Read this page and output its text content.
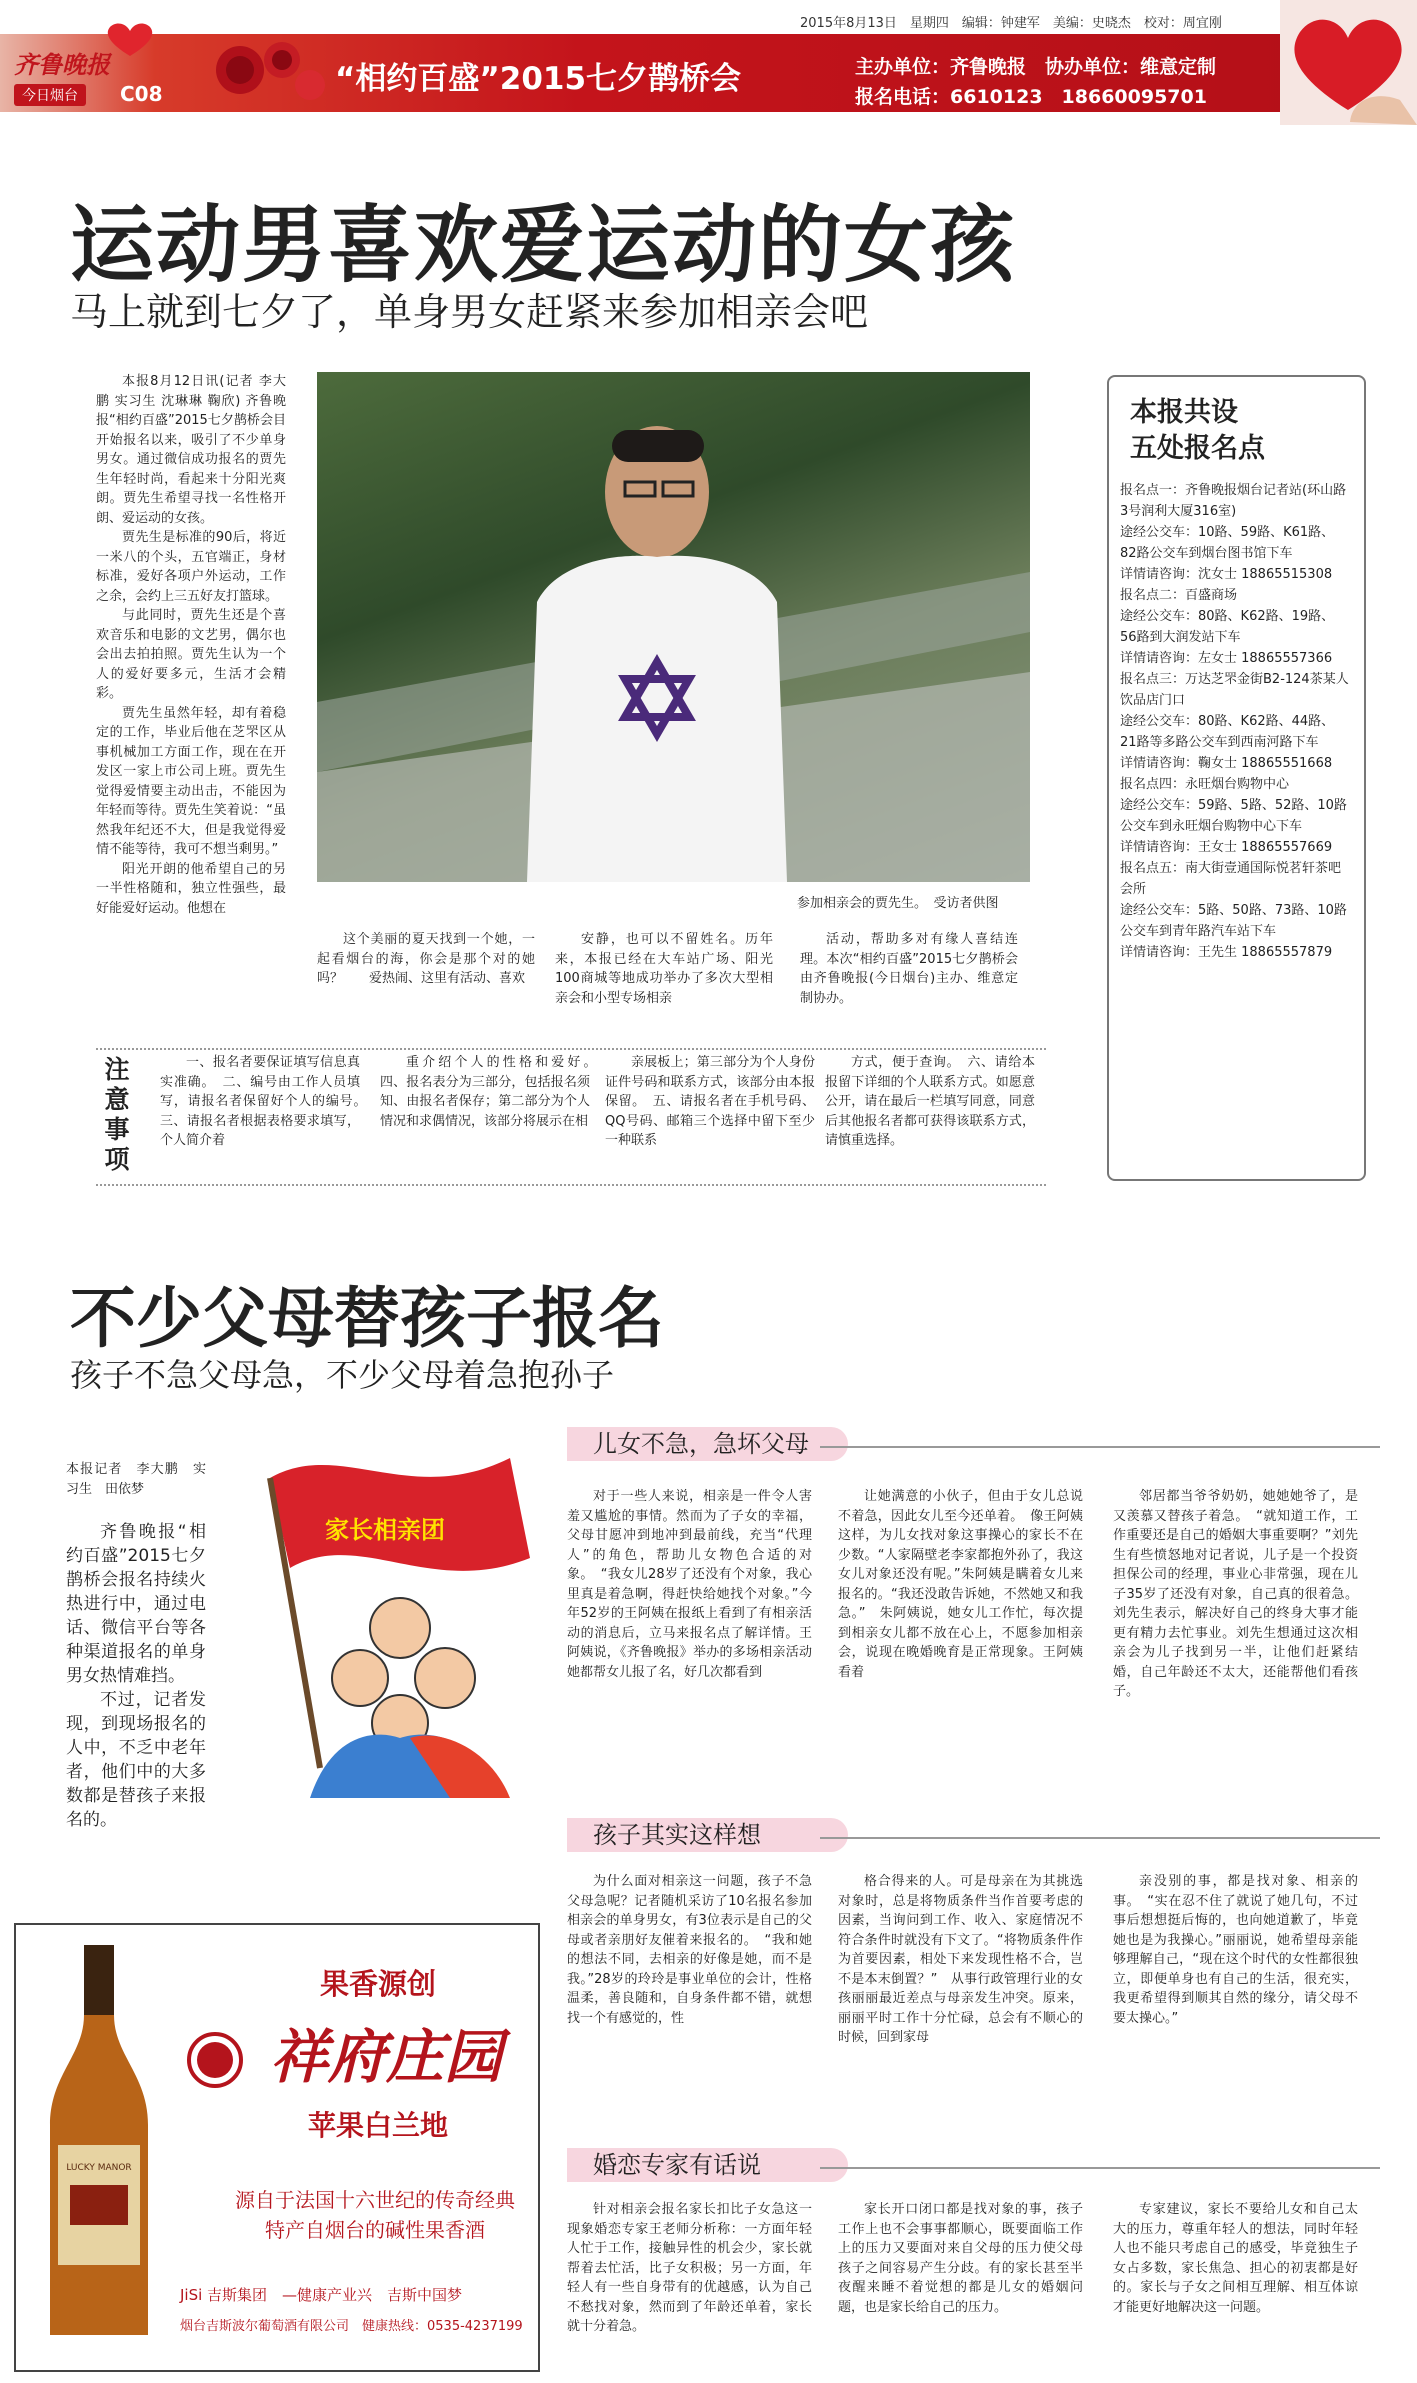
2015年8月13日　星期四　编辑：钟建军　美编：史晓杰　校对：周宜刚
齐鲁晚报
今日烟台	C08	“相约百盛”2015七夕鹊桥会	主办单位：齐鲁晚报　协办单位：维意定制
报名电话：6610123　18660095701
运动男喜欢爱运动的女孩
马上就到七夕了，单身男女赶紧来参加相亲会吧

本报8月12日讯(记者 李大鹏 实习生 沈琳琳 鞠欣) 齐鲁晚报“相约百盛”2015七夕鹊桥会目开始报名以来，吸引了不少单身男女。通过微信成功报名的贾先生年轻时尚，看起来十分阳光爽朗。贾先生希望寻找一名性格开朗、爱运动的女孩。

贾先生是标准的90后，将近一米八的个头，五官端正，身材标准，爱好各项户外运动，工作之余，会约上三五好友打篮球。

与此同时，贾先生还是个喜欢音乐和电影的文艺男，偶尔也会出去拍拍照。贾先生认为一个人的爱好要多元，生活才会精彩。

贾先生虽然年轻，却有着稳定的工作，毕业后他在芝罘区从事机械加工方面工作，现在在开发区一家上市公司上班。贾先生觉得爱情要主动出击，不能因为年轻而等待。贾先生笑着说：“虽然我年纪还不大，但是我觉得爱情不能等待，我可不想当剩男。”

阳光开朗的他希望自己的另一半性格随和，独立性强些，最好能爱好运动。他想在	参加相亲会的贾先生。　受访者供图

这个美丽的夏天找到一个她，一起看烟台的海，你会是那个对的她吗？　　爱热闹、这里有活动、喜欢

安静，也可以不留姓名。历年来，本报已经在大车站广场、阳光100商城等地成功举办了多次大型相亲会和小型专场相亲

活动，帮助多对有缘人喜结连理。本次“相约百盛”2015七夕鹊桥会由齐鲁晚报(今日烟台)主办、维意定制协办。

注意事项

一、报名者要保证填写信息真实准确。　二、编号由工作人员填写，请报名者保留好个人的编号。　三、请报名者根据表格要求填写，个人简介着

重介绍个人的性格和爱好。　四、报名表分为三部分，包括报名须知、由报名者保存；第二部分为个人情况和求偶情况，该部分将展示在相

亲展板上；第三部分为个人身份证件号码和联系方式，该部分由本报保留。　五、请报名者在手机号码、QQ号码、邮箱三个选择中留下至少一种联系

方式，便于查询。　六、请给本报留下详细的个人联系方式。如愿意公开，请在最后一栏填写同意，同意后其他报名者都可获得该联系方式，请慎重选择。

本报共设
五处报名点

报名点一：齐鲁晚报烟台记者站(环山路3号润利大厦316室)

途经公交车：10路、59路、K61路、82路公交车到烟台图书馆下车

详情请咨询：沈女士 18865515308

报名点二：百盛商场

途经公交车：80路、K62路、19路、56路到大润发站下车

详情请咨询：左女士 18865557366

报名点三：万达芝罘金街B2-124茶某人饮品店门口

途经公交车：80路、K62路、44路、21路等多路公交车到西南河路下车

详情请咨询：鞠女士 18865551668

报名点四：永旺烟台购物中心

途经公交车：59路、5路、52路、10路公交车到永旺烟台购物中心下车

详情请咨询：王女士 18865557669

报名点五：南大街壹通国际悦茗轩茶吧会所

途经公交车：5路、50路、73路、10路公交车到青年路汽车站下车

详情请咨询：王先生 18865557879

不少父母替孩子报名
孩子不急父母急，不少父母着急抱孙子
本报记者　李大鹏　实习生　田依梦

齐鲁晚报“相约百盛”2015七夕鹊桥会报名持续火热进行中，通过电话、微信平台等各种渠道报名的单身男女热情难挡。

不过，记者发现，到现场报名的人中，不乏中老年者，他们中的大多数都是替孩子来报名的。

家长相亲团
儿女不急，急坏父母

对于一些人来说，相亲是一件令人害羞又尴尬的事情。然而为了子女的幸福，父母甘愿冲到地冲到最前线，充当“代理人”的角色，帮助儿女物色合适的对象。　“我女儿28岁了还没有个对象，我心里真是着急啊，得赶快给她找个对象。”今年52岁的王阿姨在报纸上看到了有相亲活动的消息后，立马来报名点了解详情。王阿姨说，《齐鲁晚报》举办的多场相亲活动她都帮女儿报了名，好几次都看到

让她满意的小伙子，但由于女儿总说不着急，因此女儿至今还单着。　像王阿姨这样，为儿女找对象这事操心的家长不在少数。“人家隔壁老李家都抱外孙了，我这女儿对象还没有呢。”朱阿姨是瞒着女儿来报名的。“我还没敢告诉她，不然她又和我急。”　朱阿姨说，她女儿工作忙，每次提到相亲女儿都不放在心上，不愿参加相亲会，说现在晚婚晚育是正常现象。王阿姨看着

邻居都当爷爷奶奶，她她她爷了，是又羡慕又替孩子着急。　“就知道工作，工作重要还是自己的婚姻大事重要啊？”刘先生有些愤怒地对记者说，儿子是一个投资担保公司的经理，事业心非常强，现在儿子35岁了还没有对象，自己真的很着急。刘先生表示，解决好自己的终身大事才能更有精力去忙事业。刘先生想通过这次相亲会为儿子找到另一半，让他们赶紧结婚，自己年龄还不太大，还能帮他们看孩子。

孩子其实这样想

为什么面对相亲这一问题，孩子不急父母急呢？记者随机采访了10名报名参加相亲会的单身男女，有3位表示是自己的父母或者亲朋好友催着来报名的。　“我和她的想法不同，去相亲的好像是她，而不是我。”28岁的玲玲是事业单位的会计，性格温柔，善良随和，自身条件都不错，就想找一个有感觉的，性

格合得来的人。可是母亲在为其挑选对象时，总是将物质条件当作首要考虑的因素，当询问到工作、收入、家庭情况不符合条件时就没有下文了。“将物质条件作为首要因素，相处下来发现性格不合，岂不是本末倒置？”　从事行政管理行业的女孩丽丽最近差点与母亲发生冲突。原来，丽丽平时工作十分忙碌，总会有不顺心的时候，回到家母

亲没别的事，都是找对象、相亲的事。　“实在忍不住了就说了她几句，不过事后想想挺后悔的，也向她道歉了，毕竟她也是为我操心。”丽丽说，她希望母亲能够理解自己，“现在这个时代的女性都很独立，即便单身也有自己的生活，很充实，我更希望得到顺其自然的缘分，请父母不要太操心。”

婚恋专家有话说

针对相亲会报名家长扣比子女急这一现象婚恋专家王老师分析称：一方面年轻人忙于工作，接触异性的机会少，家长就帮着去忙活，比子女积极；另一方面，年轻人有一些自身带有的优越感，认为自己不愁找对象，然而到了年龄还单着，家长就十分着急。

家长开口闭口都是找对象的事，孩子工作上也不会事事都顺心，既要面临工作上的压力又要面对来自父母的压力使父母孩子之间容易产生分歧。有的家长甚至半夜醒来睡不着觉想的都是儿女的婚姻问题，也是家长给自己的压力。

专家建议，家长不要给儿女和自己太大的压力，尊重年轻人的想法，同时年轻人也不能只考虑自己的感受，毕竟独生子女占多数，家长焦急、担心的初衷都是好的。家长与子女之间相互理解、相互体谅才能更好地解决这一问题。

LUCKY MANOR
果香源创
祥府庄园
苹果白兰地
源自于法国十六世纪的传奇经典
特产自烟台的碱性果香酒
JiSi 吉斯集团　—健康产业兴　吉斯中国梦
烟台吉斯波尔葡萄酒有限公司　健康热线：0535-4237199
